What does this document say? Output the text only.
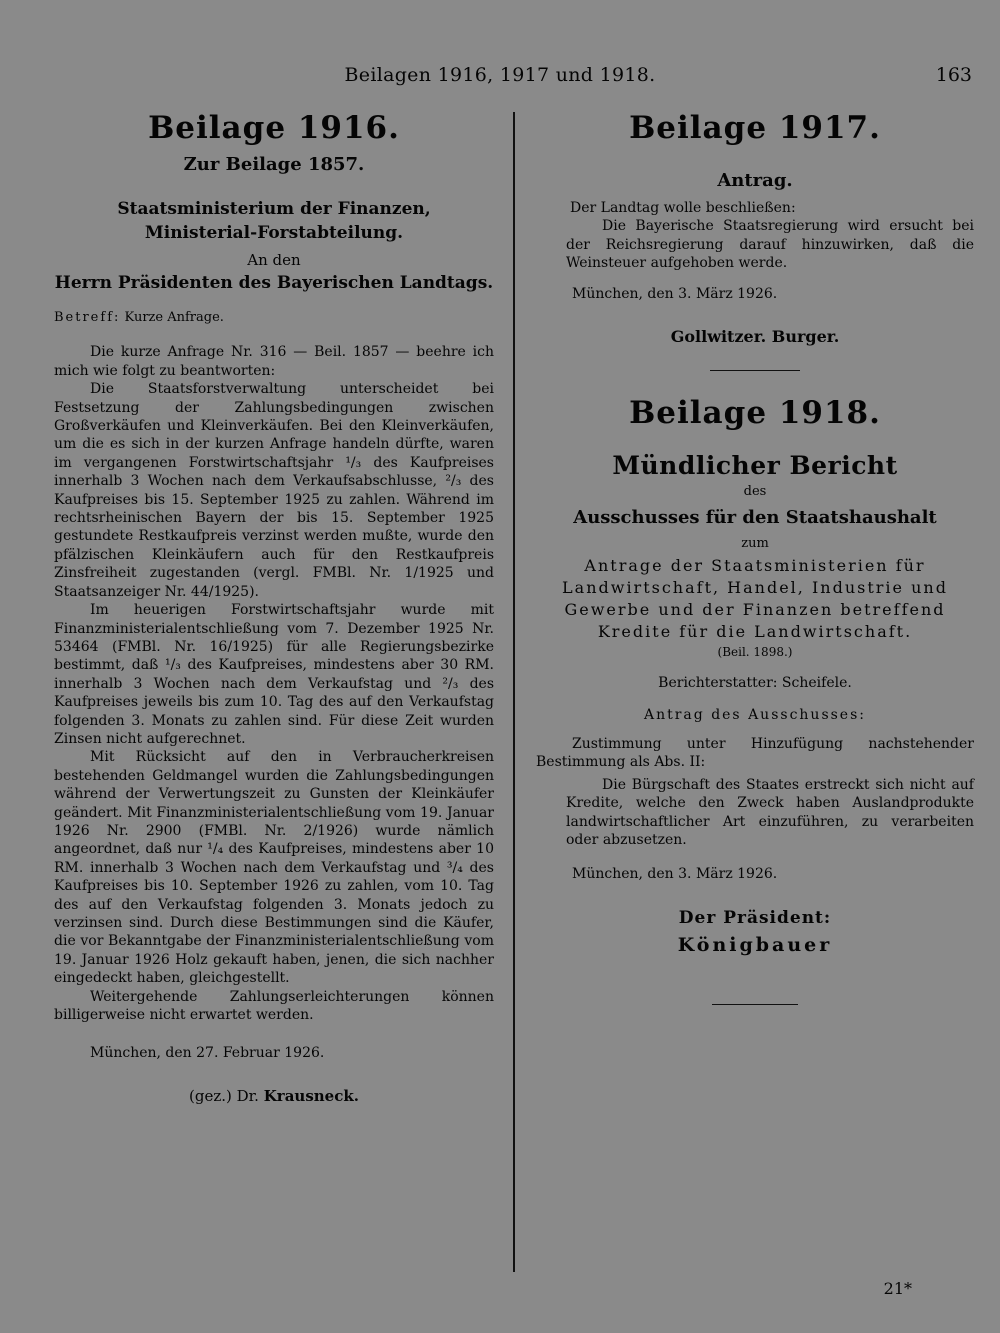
Beilagen 1916, 1917 und 1918.	163
Beilage 1916.
Zur Beilage 1857.
Staatsministerium der Finanzen,
Ministerial-Forstabteilung.
An den
Herrn Präsidenten des Bayerischen Landtags.
Betreff: Kurze Anfrage.

Die kurze Anfrage Nr. 316 — Beil. 1857 — beehre ich mich wie folgt zu beantworten:

Die Staatsforstverwaltung unterscheidet bei Festsetzung der Zahlungsbedingungen zwischen Großverkäufen und Kleinverkäufen. Bei den Kleinverkäufen, um die es sich in der kurzen Anfrage handeln dürfte, waren im vergangenen Forstwirtschaftsjahr ¹/₃ des Kaufpreises innerhalb 3 Wochen nach dem Verkaufsabschlusse, ²/₃ des Kaufpreises bis 15. September 1925 zu zahlen. Während im rechtsrheinischen Bayern der bis 15. September 1925 gestundete Restkaufpreis verzinst werden mußte, wurde den pfälzischen Kleinkäufern auch für den Restkaufpreis Zinsfreiheit zugestanden (vergl. FMBl. Nr. 1/1925 und Staatsanzeiger Nr. 44/1925).

Im heuerigen Forstwirtschaftsjahr wurde mit Finanzministerialentschließung vom 7. Dezember 1925 Nr. 53464 (FMBl. Nr. 16/1925) für alle Regierungsbezirke bestimmt, daß ¹/₃ des Kaufpreises, mindestens aber 30 RM. innerhalb 3 Wochen nach dem Verkaufstag und ²/₃ des Kaufpreises jeweils bis zum 10. Tag des auf den Verkaufstag folgenden 3. Monats zu zahlen sind. Für diese Zeit wurden Zinsen nicht aufgerechnet.

Mit Rücksicht auf den in Verbraucherkreisen bestehenden Geldmangel wurden die Zahlungsbedingungen während der Verwertungszeit zu Gunsten der Kleinkäufer geändert. Mit Finanzministerialentschließung vom 19. Januar 1926 Nr. 2900 (FMBl. Nr. 2/1926) wurde nämlich angeordnet, daß nur ¹/₄ des Kaufpreises, mindestens aber 10 RM. innerhalb 3 Wochen nach dem Verkaufstag und ³/₄ des Kaufpreises bis 10. September 1926 zu zahlen, vom 10. Tag des auf den Verkaufstag folgenden 3. Monats jedoch zu verzinsen sind. Durch diese Bestimmungen sind die Käufer, die vor Bekanntgabe der Finanzministerialentschließung vom 19. Januar 1926 Holz gekauft haben, jenen, die sich nachher eingedeckt haben, gleichgestellt.

Weitergehende Zahlungserleichterungen können billigerweise nicht erwartet werden.

München, den 27. Februar 1926.
(gez.) Dr. Krausneck.
Beilage 1917.
Antrag.
Der Landtag wolle beschließen:

Die Bayerische Staatsregierung wird ersucht bei der Reichsregierung darauf hinzuwirken, daß die Weinsteuer aufgehoben werde.

München, den 3. März 1926.
Gollwitzer. Burger.
Beilage 1918.
Mündlicher Bericht
des
Ausschusses für den Staatshaushalt
zum
Antrage der Staatsministerien für Landwirtschaft, Handel, Industrie und Gewerbe und der Finanzen betreffend Kredite für die Landwirtschaft.
(Beil. 1898.)
Berichterstatter: Scheifele.
Antrag des Ausschusses:

Zustimmung unter Hinzufügung nachstehender Bestimmung als Abs. II:

Die Bürgschaft des Staates erstreckt sich nicht auf Kredite, welche den Zweck haben Auslandprodukte landwirtschaftlicher Art einzuführen, zu verarbeiten oder abzusetzen.

München, den 3. März 1926.
Der Präsident:
Königbauer
21*
